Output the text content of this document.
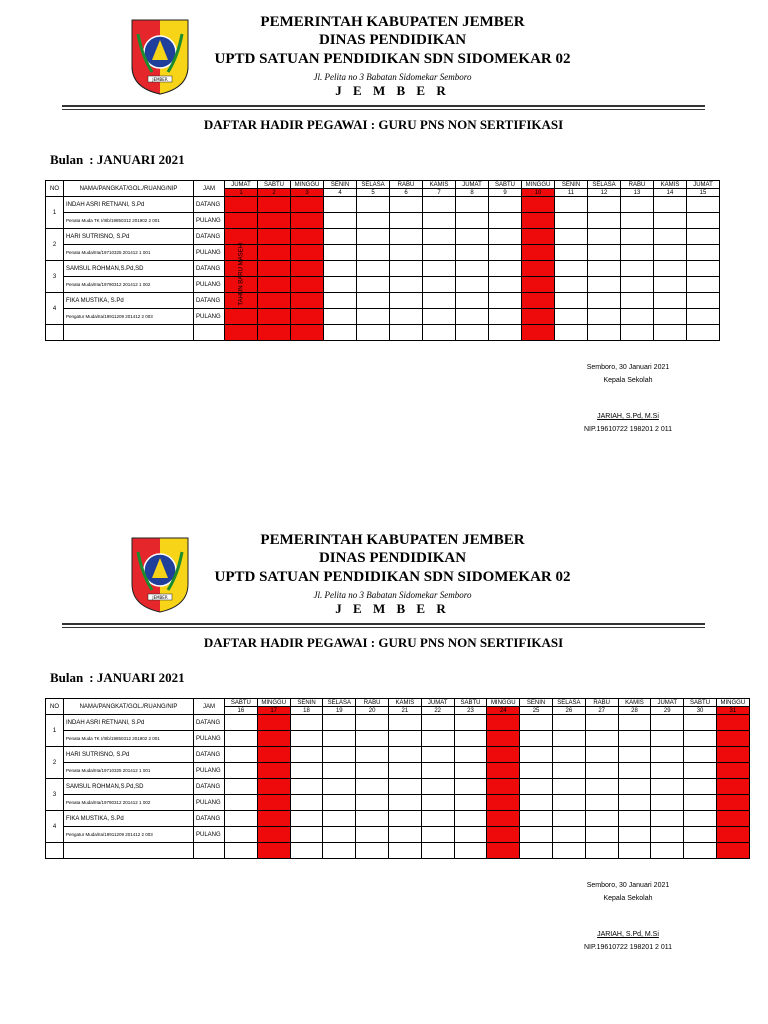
JEMBER
PEMERINTAH KABUPATEN JEMBER
DINAS PENDIDIKAN
UPTD SATUAN PENDIDIKAN SDN SIDOMEKAR 02
Jl. Pelita no 3 Babatan Sidomekar Semboro
J E M B E R
DAFTAR HADIR PEGAWAI : GURU PNS NON SERTIFIKASI
Bulan : JANUARI 2021
NO	NAMA/PANGKAT/GOL./RUANG/NIP	JAM	JUMAT	SABTU	MINGGU	SENIN	SELASA	RABU	KAMIS	JUMAT	SABTU	MINGGU	SENIN	SELASA	RABU	KAMIS	JUMAT
			1	2	3	4	5	6	7	8	9	10	11	12	13	14	15
1	INDAH ASRI RETNANI, S.Pd	DATANG															
	Penata Muda TK I/IIIb/19850312 201902 2 001	PULANG															
2	HARI SUTRISNO, S.Pd	DATANG															
	Penata Muda/IIIa/19710325 201412 1 001	PULANG															
3	SAMSUL ROHMAN,S.Pd,SD	DATANG															
	Penata Muda/IIIa/19790312 201412 1 002	PULANG															
4	FIKA MUSTIKA, S.Pd	DATANG															
	Pengatur Muda/IIa/19911209 201412 2 003	PULANG															

TAHUN BARU MASEHI
Semboro, 30 Januari 2021
Kepala Sekolah
JARIAH, S.Pd, M.Si
NIP.19610722 198201 2 011
JEMBER
PEMERINTAH KABUPATEN JEMBER
DINAS PENDIDIKAN
UPTD SATUAN PENDIDIKAN SDN SIDOMEKAR 02
Jl. Pelita no 3 Babatan Sidomekar Semboro
J E M B E R
DAFTAR HADIR PEGAWAI : GURU PNS NON SERTIFIKASI
Bulan : JANUARI 2021
NO	NAMA/PANGKAT/GOL./RUANG/NIP	JAM	SABTU	MINGGU	SENIN	SELASA	RABU	KAMIS	JUMAT	SABTU	MINGGU	SENIN	SELASA	RABU	KAMIS	JUMAT	SABTU	MINGGU
			16	17	18	19	20	21	22	23	24	25	26	27	28	29	30	31
1	INDAH ASRI RETNANI, S.Pd	DATANG																
	Penata Muda TK I/IIIb/19850312 201902 2 001	PULANG																
2	HARI SUTRISNO, S.Pd	DATANG																
	Penata Muda/IIIa/19710325 201412 1 001	PULANG																
3	SAMSUL ROHMAN,S.Pd,SD	DATANG																
	Penata Muda/IIIa/19790312 201412 1 002	PULANG																
4	FIKA MUSTIKA, S.Pd	DATANG																
	Pengatur Muda/IIa/19911209 201412 2 003	PULANG																

Semboro, 30 Januari 2021
Kepala Sekolah
JARIAH, S.Pd, M.Si
NIP.19610722 198201 2 011
